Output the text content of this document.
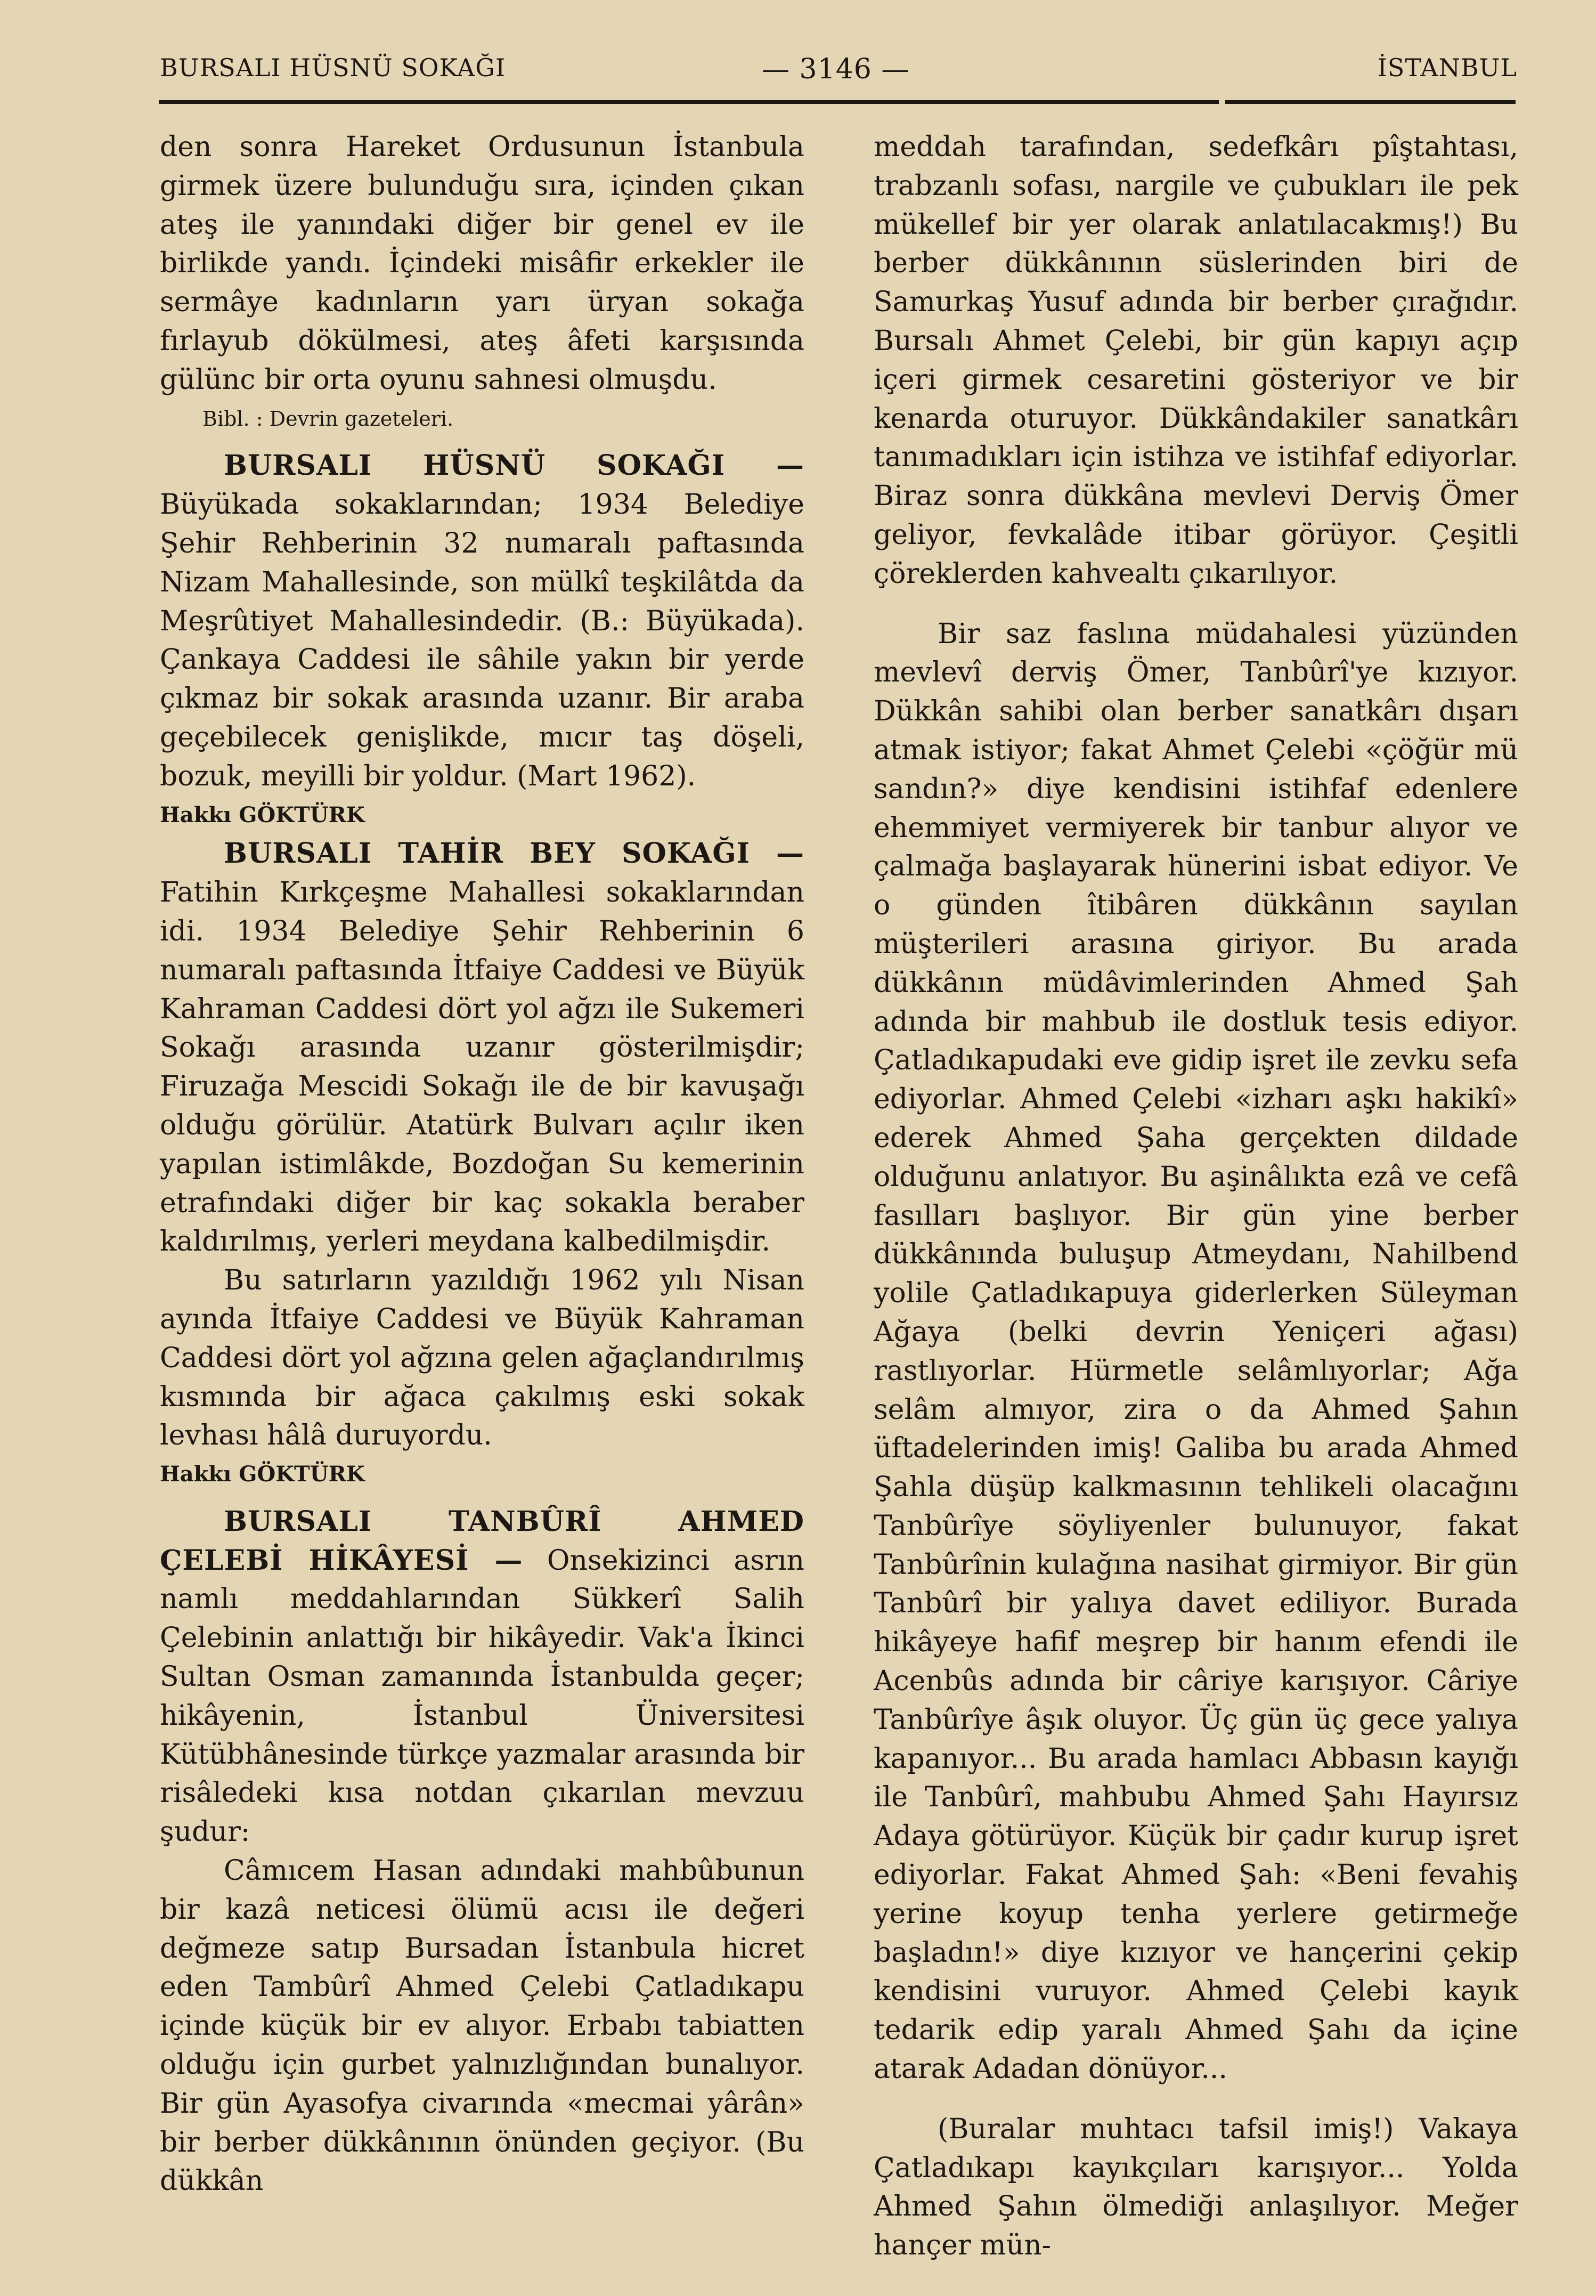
BURSALI HÜSNÜ SOKAĞI	— 3146 —	İSTANBUL

den sonra Hareket Ordusunun İstanbula girmek üzere bulunduğu sıra, içinden çıkan ateş ile yanındaki diğer bir genel ev ile birlikde yandı. İçindeki misâfir erkekler ile sermâye kadınların yarı üryan sokağa fırlayub dökülmesi, ateş âfeti karşısında gülünc bir orta oyunu sahnesi olmuşdu.

Bibl. : Devrin gazeteleri.

BURSALI HÜSNÜ SOKAĞI — Büyükada sokaklarından; 1934 Belediye Şehir Rehberinin 32 numaralı paftasında Nizam Mahallesinde, son mülkî teşkilâtda da Meşrûtiyet Mahallesindedir. (B.: Büyükada). Çankaya Caddesi ile sâhile yakın bir yerde çıkmaz bir sokak arasında uzanır. Bir araba geçebilecek genişlikde, mıcır taş döşeli, bozuk, meyilli bir yoldur. (Mart 1962).

Hakkı GÖKTÜRK

BURSALI TAHİR BEY SOKAĞI — Fatihin Kırkçeşme Mahallesi sokaklarından idi. 1934 Belediye Şehir Rehberinin 6 numaralı paftasında İtfaiye Caddesi ve Büyük Kahraman Caddesi dört yol ağzı ile Sukemeri Sokağı arasında uzanır gösterilmişdir; Firuzağa Mescidi Sokağı ile de bir kavuşağı olduğu görülür. Atatürk Bulvarı açılır iken yapılan istimlâkde, Bozdoğan Su kemerinin etrafındaki diğer bir kaç sokakla beraber kaldırılmış, yerleri meydana kalbedilmişdir.

Bu satırların yazıldığı 1962 yılı Nisan ayında İtfaiye Caddesi ve Büyük Kahraman Caddesi dört yol ağzına gelen ağaçlandırılmış kısmında bir ağaca çakılmış eski sokak levhası hâlâ duruyordu.

Hakkı GÖKTÜRK

BURSALI TANBÛRÎ AHMED ÇELEBİ HİKÂYESİ — Onsekizinci asrın namlı meddahlarından Sükkerî Salih Çelebinin anlattığı bir hikâyedir. Vak'a İkinci Sultan Osman zamanında İstanbulda geçer; hikâyenin, İstanbul Üniversitesi Kütübhânesinde türkçe yazmalar arasında bir risâledeki kısa notdan çıkarılan mevzuu şudur:

Câmıcem Hasan adındaki mahbûbunun bir kazâ neticesi ölümü acısı ile değeri değmeze satıp Bursadan İstanbula hicret eden Tambûrî Ahmed Çelebi Çatladıkapu içinde küçük bir ev alıyor. Erbabı tabiatten olduğu için gurbet yalnızlığından bunalıyor. Bir gün Ayasofya civarında «mecmai yârân» bir berber dükkânının önünden geçiyor. (Bu dükkân

meddah tarafından, sedefkârı pîştahtası, trabzanlı sofası, nargile ve çubukları ile pek mükellef bir yer olarak anlatılacakmış!) Bu berber dükkânının süslerinden biri de Samurkaş Yusuf adında bir berber çırağıdır. Bursalı Ahmet Çelebi, bir gün kapıyı açıp içeri girmek cesaretini gösteriyor ve bir kenarda oturuyor. Dükkândakiler sanatkârı tanımadıkları için istihza ve istihfaf ediyorlar. Biraz sonra dükkâna mevlevi Derviş Ömer geliyor, fevkalâde itibar görüyor. Çeşitli çöreklerden kahvealtı çıkarılıyor.

Bir saz faslına müdahalesi yüzünden mevlevî derviş Ömer, Tanbûrî'ye kızıyor. Dükkân sahibi olan berber sanatkârı dışarı atmak istiyor; fakat Ahmet Çelebi «çöğür mü sandın?» diye kendisini istihfaf edenlere ehemmiyet vermiyerek bir tanbur alıyor ve çalmağa başlayarak hünerini isbat ediyor. Ve o günden îtibâren dükkânın sayılan müşterileri arasına giriyor. Bu arada dükkânın müdâvimlerinden Ahmed Şah adında bir mahbub ile dostluk tesis ediyor. Çatladıkapudaki eve gidip işret ile zevku sefa ediyorlar. Ahmed Çelebi «izharı aşkı hakikî» ederek Ahmed Şaha gerçekten dildade olduğunu anlatıyor. Bu aşinâlıkta ezâ ve cefâ fasılları başlıyor. Bir gün yine berber dükkânında buluşup Atmeydanı, Nahilbend yolile Çatladıkapuya giderlerken Süleyman Ağaya (belki devrin Yeniçeri ağası) rastlıyorlar. Hürmetle selâmlıyorlar; Ağa selâm almıyor, zira o da Ahmed Şahın üftadelerinden imiş! Galiba bu arada Ahmed Şahla düşüp kalkmasının tehlikeli olacağını Tanbûrîye söyliyenler bulunuyor, fakat Tanbûrînin kulağına nasihat girmiyor. Bir gün Tanbûrî bir yalıya davet ediliyor. Burada hikâyeye hafif meşrep bir hanım efendi ile Acenbûs adında bir câriye karışıyor. Câriye Tanbûrîye âşık oluyor. Üç gün üç gece yalıya kapanıyor... Bu arada hamlacı Abbasın kayığı ile Tanbûrî, mahbubu Ahmed Şahı Hayırsız Adaya götürüyor. Küçük bir çadır kurup işret ediyorlar. Fakat Ahmed Şah: «Beni fevahiş yerine koyup tenha yerlere getirmeğe başladın!» diye kızıyor ve hançerini çekip kendisini vuruyor. Ahmed Çelebi kayık tedarik edip yaralı Ahmed Şahı da içine atarak Adadan dönüyor...

(Buralar muhtacı tafsil imiş!) Vakaya Çatladıkapı kayıkçıları karışıyor... Yolda Ahmed Şahın ölmediği anlaşılıyor. Meğer hançer mün-
